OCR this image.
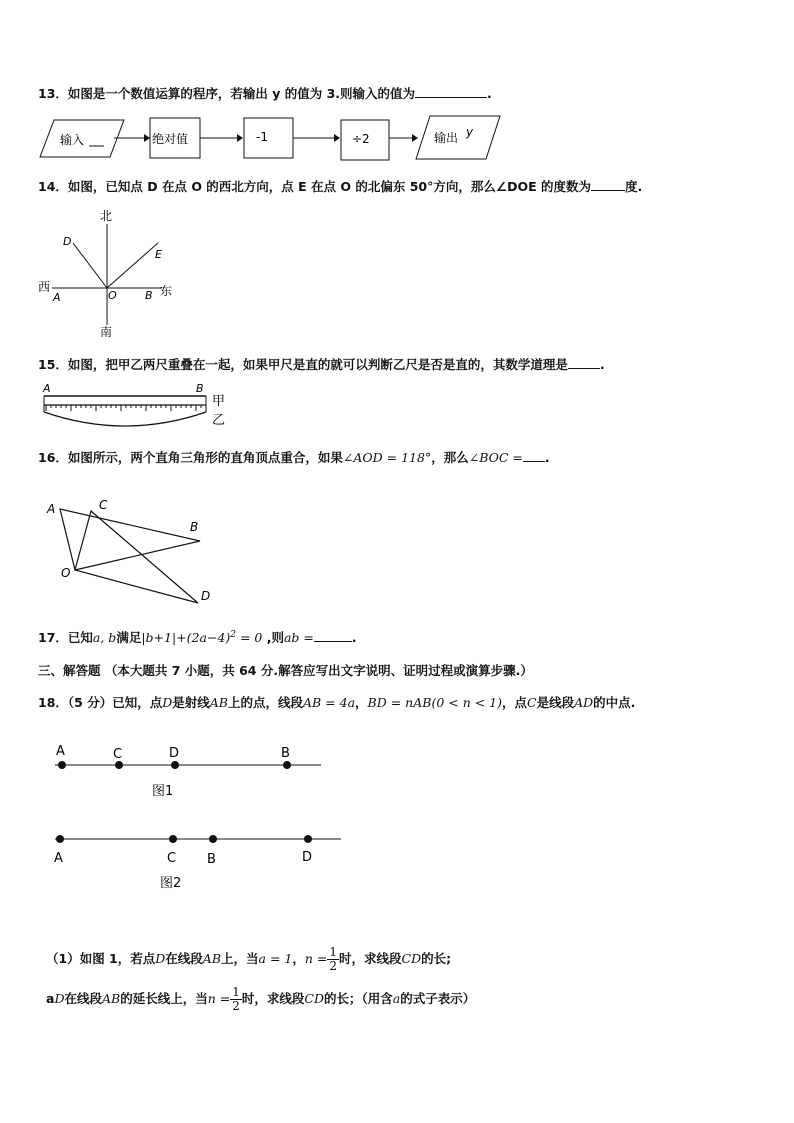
13．如图是一个数值运算的程序，若输出 y 的值为 3.则输入的值为	.
输入	绝对值	-1	÷2	输出 y
14．如图，已知点 D 在点 O 的西北方向，点 E 在点 O 的北偏东 50°方向，那么∠DOE 的度数为	度.
北
南
西	东
A	O	B
D
E
15．如图，把甲乙两尺重叠在一起，如果甲尺是直的就可以判断乙尺是否是直的，其数学道理是	.
A	B
甲
乙
16．如图所示，两个直角三角形的直角顶点重合，如果∠AOD = 118°，那么∠BOC = .
A	C
B
O
D
17．已知a, b满足$|b+1|+(2a-4)^2 = 0$ ,则ab =	.
三、解答题 （本大题共 7 小题，共 64 分.解答应写出文字说明、证明过程或演算步骤.）
18．（5 分）已知，点D是射线AB上的点，线段AB = 4a，BD = nAB(0 < n < 1)，点C是线段AD的中点.
A	C	D	B
图1
A	C B	D
图2
（1）如图 1，若点D在线段AB上，当a = 1，$n = \frac{1}{2}$ 时，求线段CD的长;
aD在线段AB的延长线上，当$n = \frac{1}{2}$ 时，求线段CD的长；（用含a的式子表示）
